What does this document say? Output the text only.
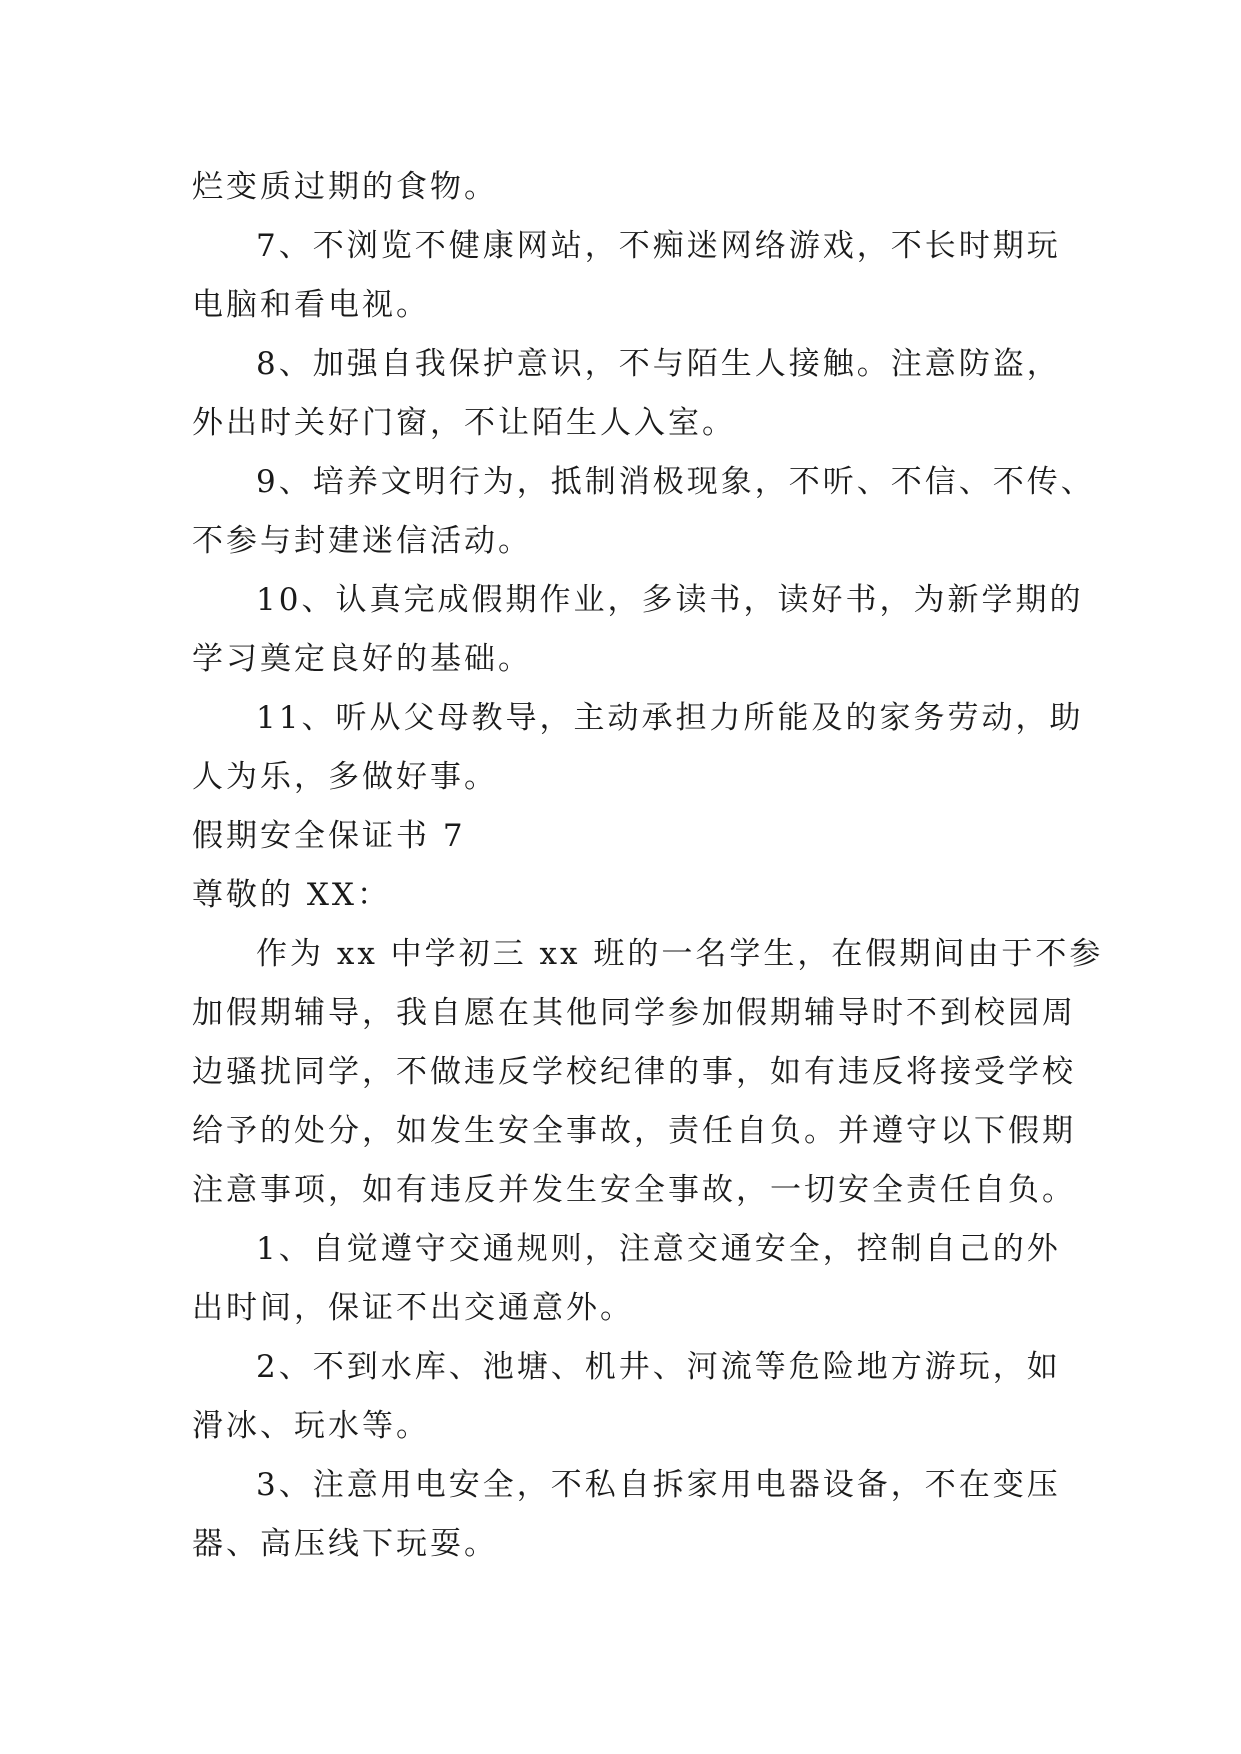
烂变质过期的食物。
7、不浏览不健康网站，不痴迷网络游戏，不长时期玩
电脑和看电视。
8、加强自我保护意识，不与陌生人接触。注意防盗，
外出时关好门窗，不让陌生人入室。
9、培养文明行为，抵制消极现象，不听、不信、不传、
不参与封建迷信活动。
10、认真完成假期作业，多读书，读好书，为新学期的
学习奠定良好的基础。
11、听从父母教导，主动承担力所能及的家务劳动，助
人为乐，多做好事。
假期安全保证书 7
尊敬的 XX：
作为 xx 中学初三 xx 班的一名学生，在假期间由于不参
加假期辅导，我自愿在其他同学参加假期辅导时不到校园周
边骚扰同学，不做违反学校纪律的事，如有违反将接受学校
给予的处分，如发生安全事故，责任自负。并遵守以下假期
注意事项，如有违反并发生安全事故，一切安全责任自负。
1、自觉遵守交通规则，注意交通安全，控制自己的外
出时间，保证不出交通意外。
2、不到水库、池塘、机井、河流等危险地方游玩，如
滑冰、玩水等。
3、注意用电安全，不私自拆家用电器设备，不在变压
器、高压线下玩耍。
